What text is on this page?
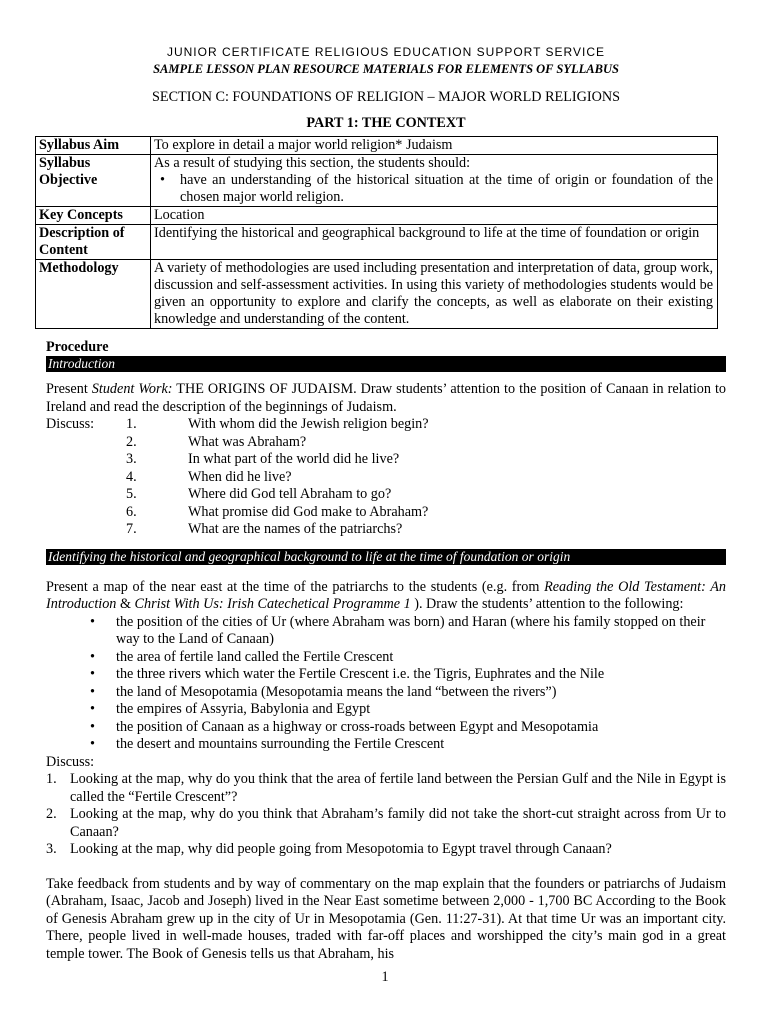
JUNIOR CERTIFICATE RELIGIOUS EDUCATION SUPPORT SERVICE
SAMPLE LESSON PLAN RESOURCE MATERIALS FOR ELEMENTS OF SYLLABUS
SECTION C: FOUNDATIONS OF RELIGION – MAJOR WORLD RELIGIONS
PART 1: THE CONTEXT
Syllabus Aim	To explore in detail a major world religion* Judaism
Syllabus Objective	As a result of studying this section, the students should:
• have an understanding of the historical situation at the time of origin or foundation of the chosen major world religion.

Key Concepts	Location
Description of Content	Identifying the historical and geographical background to life at the time of foundation or origin
Methodology	A variety of methodologies are used including presentation and interpretation of data, group work, discussion and self-assessment activities. In using this variety of methodologies students would be given an opportunity to explore and clarify the concepts, as well as elaborate on their existing knowledge and understanding of the content.
Procedure
Introduction
Present Student Work: THE ORIGINS OF JUDAISM. Draw students’ attention to the position of Canaan in relation to Ireland and read the description of the beginnings of Judaism.
Discuss:	1.	With whom did the Jewish religion begin?
2.	What was Abraham?
3.	In what part of the world did he live?
4.	When did he live?
5.	Where did God tell Abraham to go?
6.	What promise did God make to Abraham?
7.	What are the names of the patriarchs?
Identifying the historical and geographical background to life at the time of foundation or origin
Present a map of the near east at the time of the patriarchs to the students (e.g. from Reading the Old Testament: An Introduction & Christ With Us: Irish Catechetical Programme 1 ). Draw the students’ attention to the following:
•	the position of the cities of Ur (where Abraham was born) and Haran (where his family stopped on their way to the Land of Canaan)
•	the area of fertile land called the Fertile Crescent
•	the three rivers which water the Fertile Crescent i.e. the Tigris, Euphrates and the Nile
•	the land of Mesopotamia (Mesopotamia means the land “between the rivers”)
•	the empires of Assyria, Babylonia and Egypt
•	the position of Canaan as a highway or cross-roads between Egypt and Mesopotamia
•	the desert and mountains surrounding the Fertile Crescent
Discuss:
1. Looking at the map, why do you think that the area of fertile land between the Persian Gulf and the Nile in Egypt is called the “Fertile Crescent”?
2. Looking at the map, why do you think that Abraham’s family did not take the short-cut straight across from Ur to Canaan?
3. Looking at the map, why did people going from Mesopotomia to Egypt travel through Canaan?
Take feedback from students and by way of commentary on the map explain that the founders or patriarchs of Judaism (Abraham, Isaac, Jacob and Joseph) lived in the Near East sometime between 2,000 - 1,700 BC According to the Book of Genesis Abraham grew up in the city of Ur in Mesopotamia (Gen. 11:27-31). At that time Ur was an important city. There, people lived in well-made houses, traded with far-off places and worshipped the city’s main god in a great temple tower. The Book of Genesis tells us that Abraham, his
1
